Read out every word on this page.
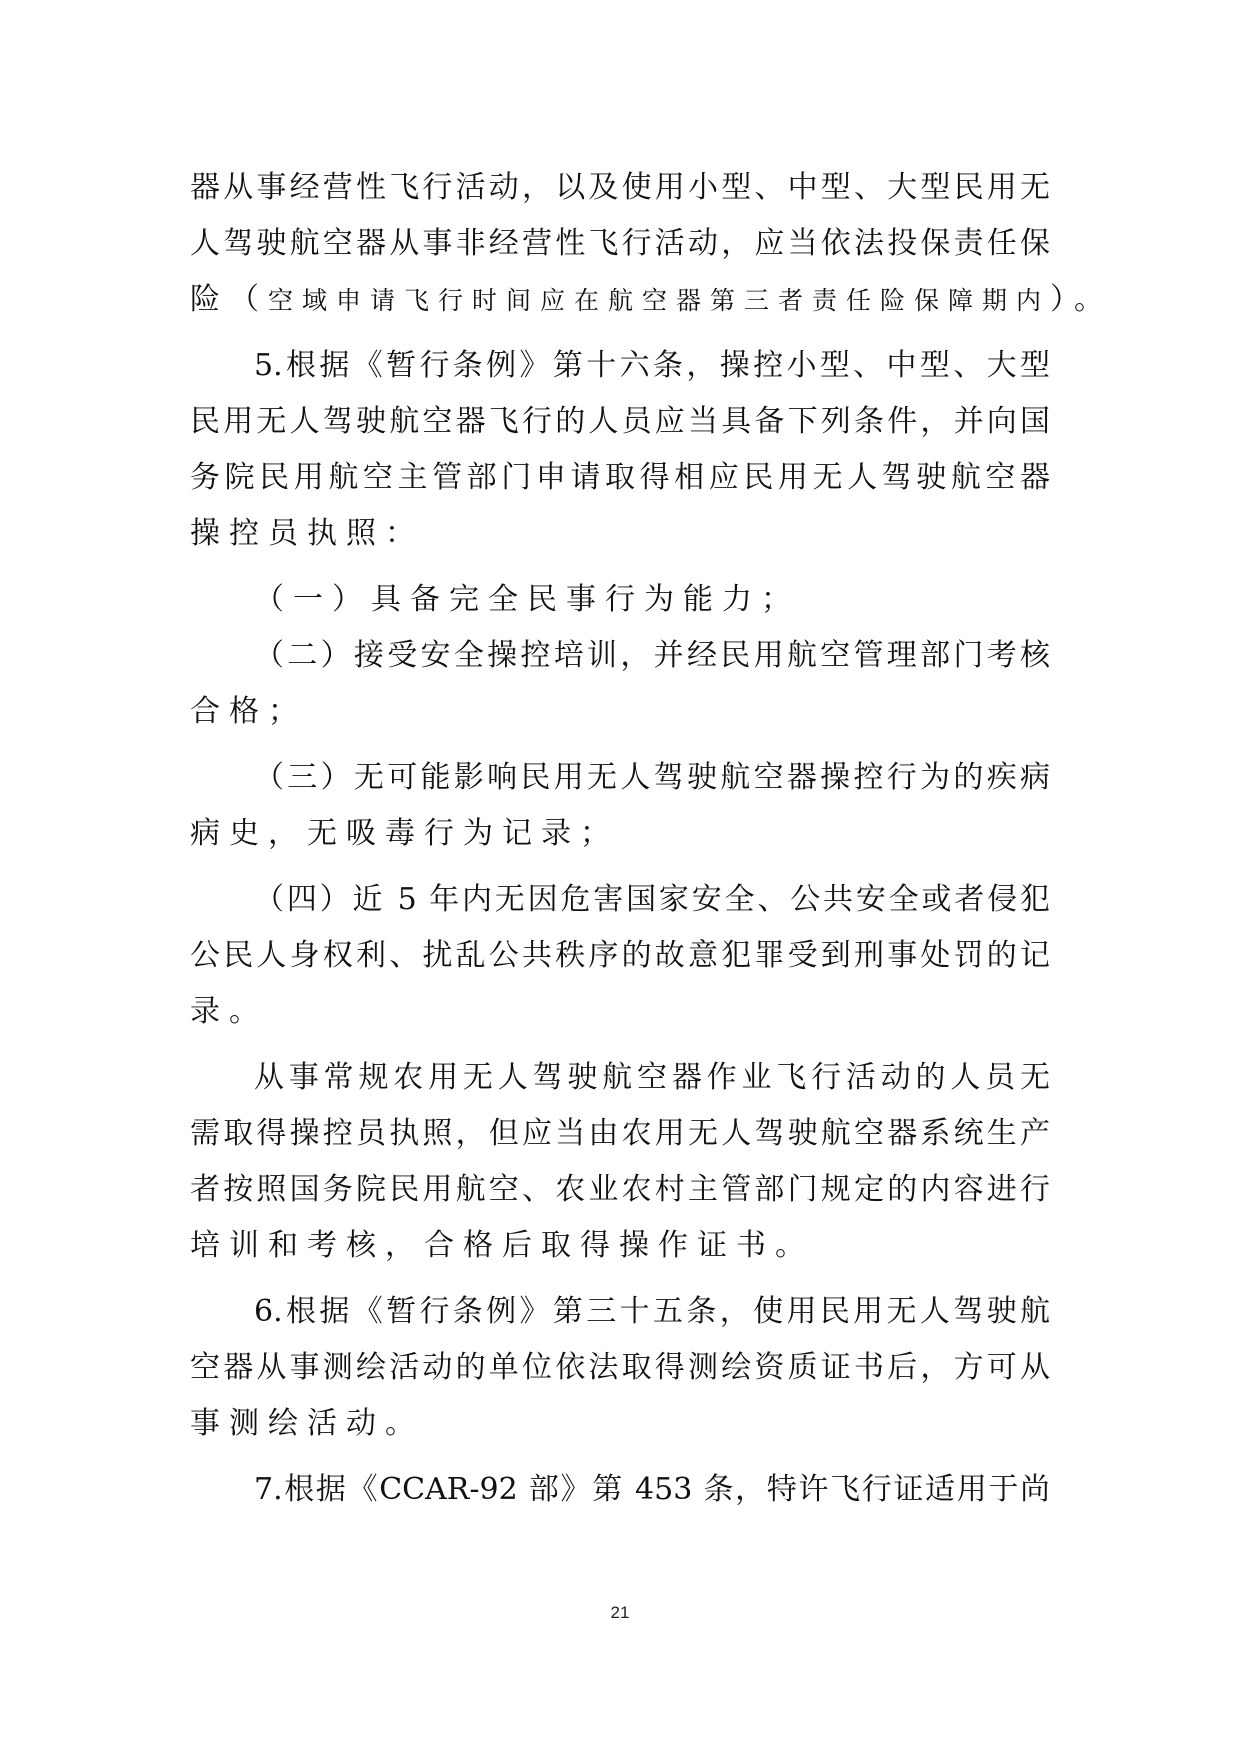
器从事经营性飞行活动，以及使用小型、中型、大型民用无
人驾驶航空器从事非经营性飞行活动，应当依法投保责任保
险（空域申请飞行时间应在航空器第三者责任险保障期内）。
5.根据《暂行条例》第十六条，操控小型、中型、大型
民用无人驾驶航空器飞行的人员应当具备下列条件，并向国
务院民用航空主管部门申请取得相应民用无人驾驶航空器
操控员执照：
（一）具备完全民事行为能力；
（二）接受安全操控培训，并经民用航空管理部门考核
合格；
（三）无可能影响民用无人驾驶航空器操控行为的疾病
病史，无吸毒行为记录；
（四）近 5 年内无因危害国家安全、公共安全或者侵犯
公民人身权利、扰乱公共秩序的故意犯罪受到刑事处罚的记
录。
从事常规农用无人驾驶航空器作业飞行活动的人员无
需取得操控员执照，但应当由农用无人驾驶航空器系统生产
者按照国务院民用航空、农业农村主管部门规定的内容进行
培训和考核，合格后取得操作证书。
6.根据《暂行条例》第三十五条，使用民用无人驾驶航
空器从事测绘活动的单位依法取得测绘资质证书后，方可从
事测绘活动。
7.根据《CCAR-92 部》第 453 条，特许飞行证适用于尚
21
